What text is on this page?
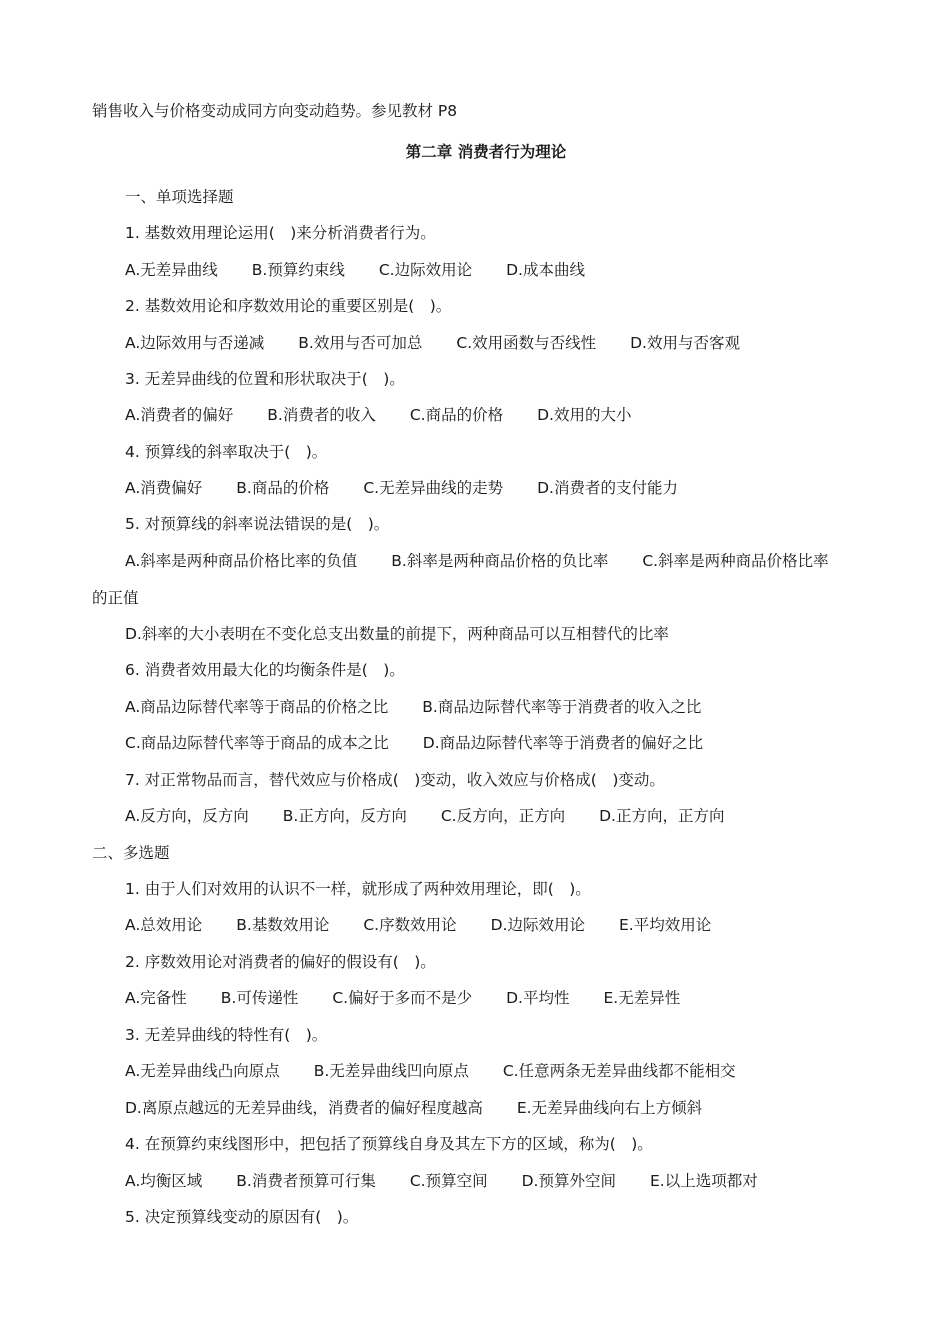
销售收入与价格变动成同方向变动趋势。参见教材 P8
第二章 消费者行为理论
一、单项选择题
1. 基数效用理论运用(　)来分析消费者行为。
A.无差异曲线 B.预算约束线 C.边际效用论 D.成本曲线
2. 基数效用论和序数效用论的重要区别是(　)。
A.边际效用与否递减 B.效用与否可加总 C.效用函数与否线性 D.效用与否客观
3. 无差异曲线的位置和形状取决于(　)。
A.消费者的偏好 B.消费者的收入 C.商品的价格 D.效用的大小
4. 预算线的斜率取决于(　)。
A.消费偏好 B.商品的价格 C.无差异曲线的走势 D.消费者的支付能力
5. 对预算线的斜率说法错误的是(　)。
A.斜率是两种商品价格比率的负值 B.斜率是两种商品价格的负比率 C.斜率是两种商品价格比率
的正值
D.斜率的大小表明在不变化总支出数量的前提下，两种商品可以互相替代的比率
6. 消费者效用最大化的均衡条件是(　)。
A.商品边际替代率等于商品的价格之比 B.商品边际替代率等于消费者的收入之比
C.商品边际替代率等于商品的成本之比 D.商品边际替代率等于消费者的偏好之比
7. 对正常物品而言，替代效应与价格成(　)变动，收入效应与价格成(　)变动。
A.反方向，反方向 B.正方向，反方向 C.反方向，正方向 D.正方向，正方向
二、多选题
1. 由于人们对效用的认识不一样，就形成了两种效用理论，即(　)。
A.总效用论 B.基数效用论 C.序数效用论 D.边际效用论 E.平均效用论
2. 序数效用论对消费者的偏好的假设有(　)。
A.完备性 B.可传递性 C.偏好于多而不是少 D.平均性 E.无差异性
3. 无差异曲线的特性有(　)。
A.无差异曲线凸向原点 B.无差异曲线凹向原点 C.任意两条无差异曲线都不能相交
D.离原点越远的无差异曲线，消费者的偏好程度越高 E.无差异曲线向右上方倾斜
4. 在预算约束线图形中，把包括了预算线自身及其左下方的区域，称为(　)。
A.均衡区域 B.消费者预算可行集 C.预算空间 D.预算外空间 E.以上选项都对
5. 决定预算线变动的原因有(　)。
